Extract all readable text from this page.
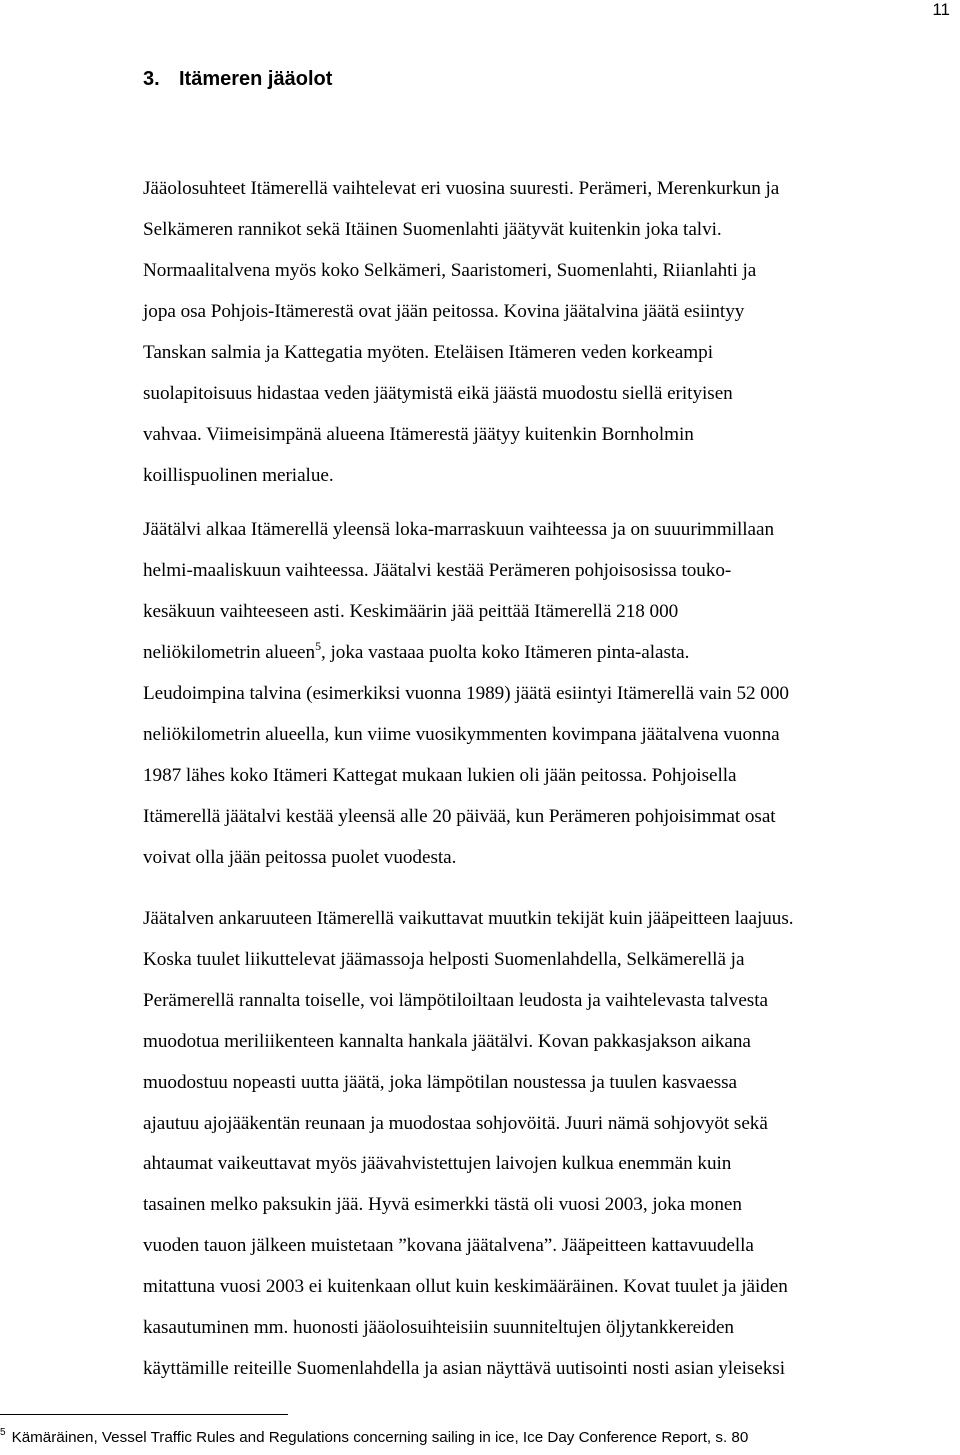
11
3. Itämeren jääolot
Jääolosuhteet Itämerellä vaihtelevat eri vuosina suuresti. Perämeri, Merenkurkun ja
Selkämeren rannikot sekä Itäinen Suomenlahti jäätyvät kuitenkin joka talvi.
Normaalitalvena myös koko Selkämeri, Saaristomeri, Suomenlahti, Riianlahti ja
jopa osa Pohjois-Itämerestä ovat jään peitossa. Kovina jäätalvina jäätä esiintyy
Tanskan salmia ja Kattegatia myöten. Eteläisen Itämeren veden korkeampi
suolapitoisuus hidastaa veden jäätymistä eikä jäästä muodostu siellä erityisen
vahvaa. Viimeisimpänä alueena Itämerestä jäätyy kuitenkin Bornholmin
koillispuolinen merialue.
Jäätälvi alkaa Itämerellä yleensä loka-marraskuun vaihteessa ja on suuurimmillaan
helmi-maaliskuun vaihteessa. Jäätalvi kestää Perämeren pohjoisosissa touko-
kesäkuun vaihteeseen asti. Keskimäärin jää peittää Itämerellä 218 000
neliökilometrin alueen$^5$, joka vastaaa puolta koko Itämeren pinta-alasta.
Leudoimpina talvina (esimerkiksi vuonna 1989) jäätä esiintyi Itämerellä vain 52 000
neliökilometrin alueella, kun viime vuosikymmenten kovimpana jäätalvena vuonna
1987 lähes koko Itämeri Kattegat mukaan lukien oli jään peitossa. Pohjoisella
Itämerellä jäätalvi kestää yleensä alle 20 päivää, kun Perämeren pohjoisimmat osat
voivat olla jään peitossa puolet vuodesta.
Jäätalven ankaruuteen Itämerellä vaikuttavat muutkin tekijät kuin jääpeitteen laajuus.
Koska tuulet liikuttelevat jäämassoja helposti Suomenlahdella, Selkämerellä ja
Perämerellä rannalta toiselle, voi lämpötiloiltaan leudosta ja vaihtelevasta talvesta
muodotua meriliikenteen kannalta hankala jäätälvi. Kovan pakkasjakson aikana
muodostuu nopeasti uutta jäätä, joka lämpötilan noustessa ja tuulen kasvaessa
ajautuu ajojääkentän reunaan ja muodostaa sohjovöitä. Juuri nämä sohjovyöt sekä
ahtaumat vaikeuttavat myös jäävahvistettujen laivojen kulkua enemmän kuin
tasainen melko paksukin jää. Hyvä esimerkki tästä oli vuosi 2003, joka monen
vuoden tauon jälkeen muistetaan ”kovana jäätalvena”. Jääpeitteen kattavuudella
mitattuna vuosi 2003 ei kuitenkaan ollut kuin keskimääräinen. Kovat tuulet ja jäiden
kasautuminen mm. huonosti jääolosuihteisiin suunniteltujen öljytankkereiden
käyttämille reiteille Suomenlahdella ja asian näyttävä uutisointi nosti asian yleiseksi
$^5$ Kämäräinen, Vessel Traffic Rules and Regulations concerning sailing in ice, Ice Day Conference Report, s. 80
